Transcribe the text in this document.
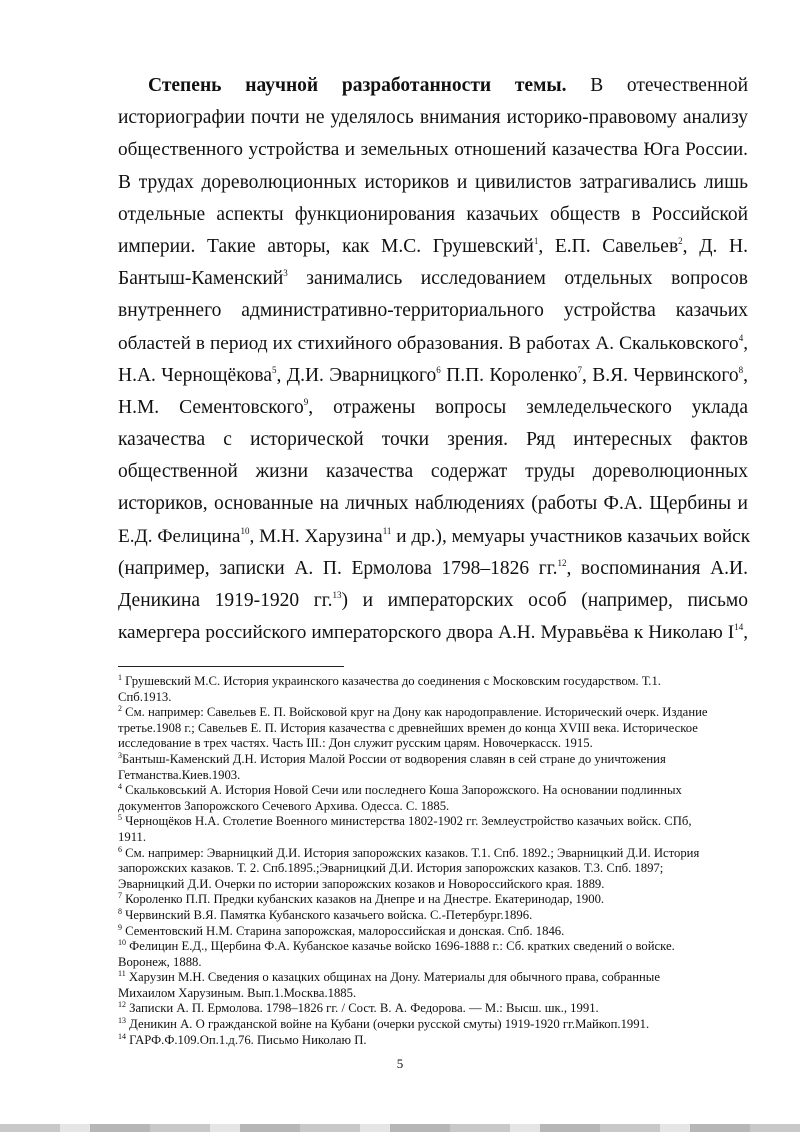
Степень научной разработанности темы. В отечественной
историографии почти не уделялось внимания историко-правовому анализу
общественного устройства и земельных отношений казачества Юга России.
В трудах дореволюционных историков и цивилистов затрагивались лишь
отдельные аспекты функционирования казачьих обществ в Российской
империи. Такие авторы, как М.С. Грушевский$^1$, Е.П. Савельев$^2$, Д. Н.
Бантыш-Каменский$^3$ занимались исследованием отдельных вопросов
внутреннего административно-территориального устройства казачьих
областей в период их стихийного образования. В работах А. Скальковского$^4$,
Н.А. Чернощёкова$^5$, Д.И. Эварницкого$^6$ П.П. Короленко$^7$, В.Я. Червинского$^8$,
Н.М. Сементовского$^9$, отражены вопросы земледельческого уклада
казачества с исторической точки зрения. Ряд интересных фактов
общественной жизни казачества содержат труды дореволюционных
историков, основанные на личных наблюдениях (работы Ф.А. Щербины и
Е.Д. Фелицина$^{10}$, М.Н. Харузина$^{11}$ и др.), мемуары участников казачьих войск
(например, записки А. П. Ермолова 1798–1826 гг.$^{12}$, воспоминания А.И.
Деникина 1919-1920 гг.$^{13}$) и императорских особ (например, письмо
камергера российского императорского двора А.Н. Муравьёва к Николаю $I^{14}$,
$^1$ Грушевский М.С. История украинского казачества до соединения с Московским государством. Т.1.
Спб.1913.
$^2$ См. например: Савельев Е. П. Войсковой круг на Дону как народоправление. Исторический очерк. Издание
третье.1908 г.; Савельев Е. П. История казачества с древнейших времен до конца XVIII века. Историческое
исследование в трех частях. Часть III.: Дон служит русским царям. Новочеркасск. 1915.
$^3$Бантыш-Каменский Д.Н. История Малой России от водворения славян в сей стране до уничтожения
Гетманства.Киев.1903.
$^4$ Скальковський А. История Новой Сечи или последнего Коша Запорожского. На основании подлинных
документов Запорожского Сечевого Архива. Одесса. С. 1885.
$^5$ Чернощёков Н.А. Столетие Военного министерства 1802-1902 гг. Землеустройство казачьих войск. СПб,
1911.
$^6$ См. например: Эварницкий Д.И. История запорожских казаков. Т.1. Спб. 1892.; Эварницкий Д.И. История
запорожских казаков. Т. 2. Спб.1895.;Эварницкий Д.И. История запорожских казаков. Т.3. Спб. 1897;
Эварницкий Д.И. Очерки по истории запорожских козаков и Новороссийского края. 1889.
$^7$ Короленко П.П. Предки кубанских казаков на Днепре и на Днестре. Екатеринодар, 1900.
$^8$ Червинский В.Я. Памятка Кубанского казачьего войска. С.-Петербург.1896.
$^9$ Сементовский Н.М. Старина запорожская, малороссийская и донская. Спб. 1846.
$^{10}$ Фелицин Е.Д., Щербина Ф.А. Кубанское казачье войско 1696-1888 г.: Сб. кратких сведений о войске.
Воронеж, 1888.
$^{11}$ Харузин М.Н. Сведения о казацких общинах на Дону. Материалы для обычного права, собранные
Михаилом Харузиным. Вып.1.Москва.1885.
$^{12}$ Записки А. П. Ермолова. 1798–1826 гг. / Сост. В. А. Федорова. — М.: Высш. шк., 1991.
$^{13}$ Деникин А. О гражданской войне на Кубани (очерки русской смуты) 1919-1920 гг.Майкоп.1991.
$^{14}$ ГАРФ.Ф.109.Оп.1.д.76. Письмо Николаю П.
5
